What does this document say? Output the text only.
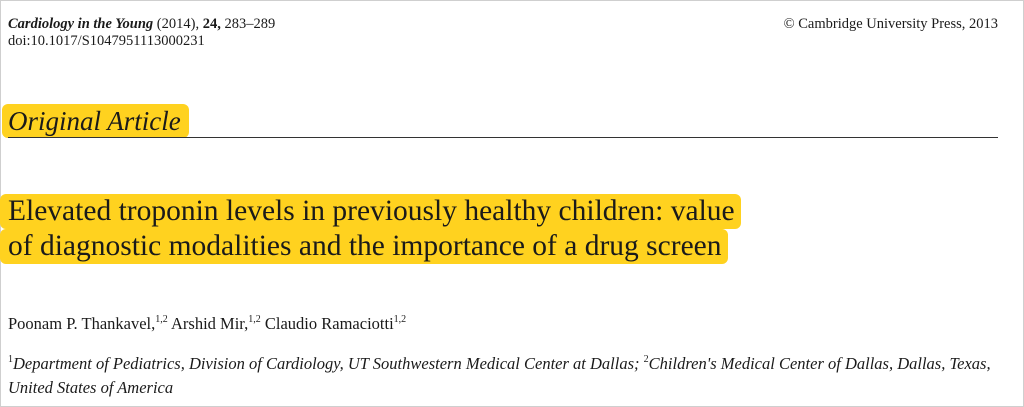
Cardiology in the Young (2014), 24, 283–289
doi:10.1017/S1047951113000231
© Cambridge University Press, 2013
Original Article
Elevated troponin levels in previously healthy children: value
of diagnostic modalities and the importance of a drug screen
Poonam P. Thankavel,$^{1,2}$ Arshid Mir,$^{1,2}$ Claudio Ramaciotti$^{1,2}$
$^1$Department of Pediatrics, Division of Cardiology, UT Southwestern Medical Center at Dallas; $^2$Children's Medical Center of Dallas, Dallas, Texas, United States of America
